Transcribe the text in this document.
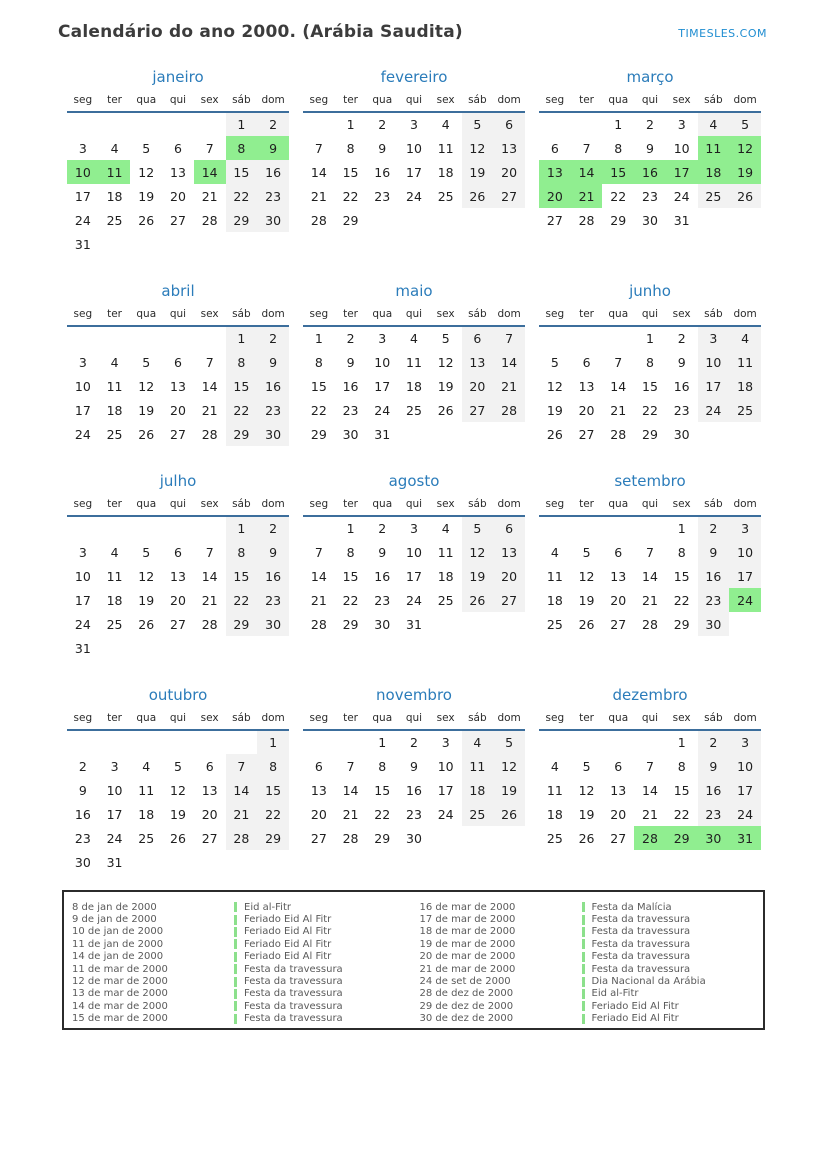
Calendário do ano 2000. (Arábia Saudita)	TIMESLES.COM
janeiro
seg	ter	qua	qui	sex	sáb	dom
					1	2
3	4	5	6	7	8	9
10	11	12	13	14	15	16
17	18	19	20	21	22	23
24	25	26	27	28	29	30
31						
fevereiro
seg	ter	qua	qui	sex	sáb	dom
	1	2	3	4	5	6
7	8	9	10	11	12	13
14	15	16	17	18	19	20
21	22	23	24	25	26	27
28	29					
março
seg	ter	qua	qui	sex	sáb	dom
		1	2	3	4	5
6	7	8	9	10	11	12
13	14	15	16	17	18	19
20	21	22	23	24	25	26
27	28	29	30	31		
abril
seg	ter	qua	qui	sex	sáb	dom
					1	2
3	4	5	6	7	8	9
10	11	12	13	14	15	16
17	18	19	20	21	22	23
24	25	26	27	28	29	30
maio
seg	ter	qua	qui	sex	sáb	dom
1	2	3	4	5	6	7
8	9	10	11	12	13	14
15	16	17	18	19	20	21
22	23	24	25	26	27	28
29	30	31				
junho
seg	ter	qua	qui	sex	sáb	dom
			1	2	3	4
5	6	7	8	9	10	11
12	13	14	15	16	17	18
19	20	21	22	23	24	25
26	27	28	29	30		
julho
seg	ter	qua	qui	sex	sáb	dom
					1	2
3	4	5	6	7	8	9
10	11	12	13	14	15	16
17	18	19	20	21	22	23
24	25	26	27	28	29	30
31						
agosto
seg	ter	qua	qui	sex	sáb	dom
	1	2	3	4	5	6
7	8	9	10	11	12	13
14	15	16	17	18	19	20
21	22	23	24	25	26	27
28	29	30	31			
setembro
seg	ter	qua	qui	sex	sáb	dom
				1	2	3
4	5	6	7	8	9	10
11	12	13	14	15	16	17
18	19	20	21	22	23	24
25	26	27	28	29	30	
outubro
seg	ter	qua	qui	sex	sáb	dom
						1
2	3	4	5	6	7	8
9	10	11	12	13	14	15
16	17	18	19	20	21	22
23	24	25	26	27	28	29
30	31					
novembro
seg	ter	qua	qui	sex	sáb	dom
		1	2	3	4	5
6	7	8	9	10	11	12
13	14	15	16	17	18	19
20	21	22	23	24	25	26
27	28	29	30			
dezembro
seg	ter	qua	qui	sex	sáb	dom
				1	2	3
4	5	6	7	8	9	10
11	12	13	14	15	16	17
18	19	20	21	22	23	24
25	26	27	28	29	30	31
8 de jan de 2000	Eid al-Fitr
9 de jan de 2000	Feriado Eid Al Fitr
10 de jan de 2000	Feriado Eid Al Fitr
11 de jan de 2000	Feriado Eid Al Fitr
14 de jan de 2000	Feriado Eid Al Fitr
11 de mar de 2000	Festa da travessura
12 de mar de 2000	Festa da travessura
13 de mar de 2000	Festa da travessura
14 de mar de 2000	Festa da travessura
15 de mar de 2000	Festa da travessura
16 de mar de 2000	Festa da Malícia
17 de mar de 2000	Festa da travessura
18 de mar de 2000	Festa da travessura
19 de mar de 2000	Festa da travessura
20 de mar de 2000	Festa da travessura
21 de mar de 2000	Festa da travessura
24 de set de 2000	Dia Nacional da Arábia
28 de dez de 2000	Eid al-Fitr
29 de dez de 2000	Feriado Eid Al Fitr
30 de dez de 2000	Feriado Eid Al Fitr
